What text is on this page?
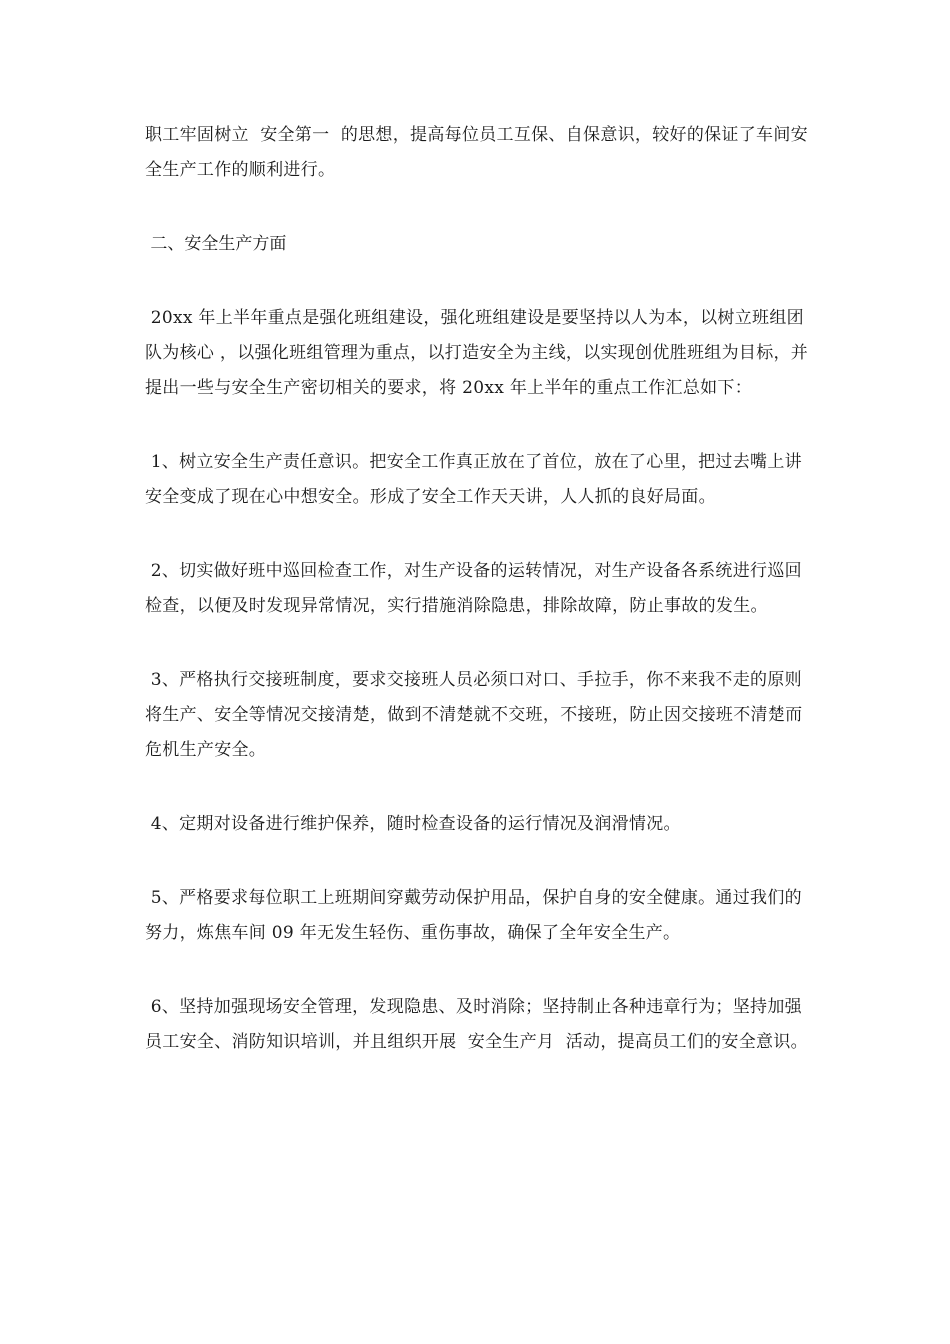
职工牢固树立  安全第一  的思想，提高每位员工互保、自保意识，较好的保证了车间安全生产工作的顺利进行。

二、安全生产方面

20xx 年上半年重点是强化班组建设，强化班组建设是要坚持以人为本，以树立班组团队为核心 ，以强化班组管理为重点，以打造安全为主线，以实现创优胜班组为目标，并提出一些与安全生产密切相关的要求，将 20xx 年上半年的重点工作汇总如下：

1、树立安全生产责任意识。把安全工作真正放在了首位，放在了心里，把过去嘴上讲安全变成了现在心中想安全。形成了安全工作天天讲，人人抓的良好局面。

2、切实做好班中巡回检查工作，对生产设备的运转情况，对生产设备各系统进行巡回检查，以便及时发现异常情况，实行措施消除隐患，排除故障，防止事故的发生。

3、严格执行交接班制度，要求交接班人员必须口对口、手拉手，你不来我不走的原则将生产、安全等情况交接清楚，做到不清楚就不交班，不接班，防止因交接班不清楚而危机生产安全。

4、定期对设备进行维护保养，随时检查设备的运行情况及润滑情况。

5、严格要求每位职工上班期间穿戴劳动保护用品，保护自身的安全健康。通过我们的努力，炼焦车间 09 年无发生轻伤、重伤事故，确保了全年安全生产。

6、坚持加强现场安全管理，发现隐患、及时消除；坚持制止各种违章行为；坚持加强员工安全、消防知识培训，并且组织开展  安全生产月  活动，提高员工们的安全意识。
